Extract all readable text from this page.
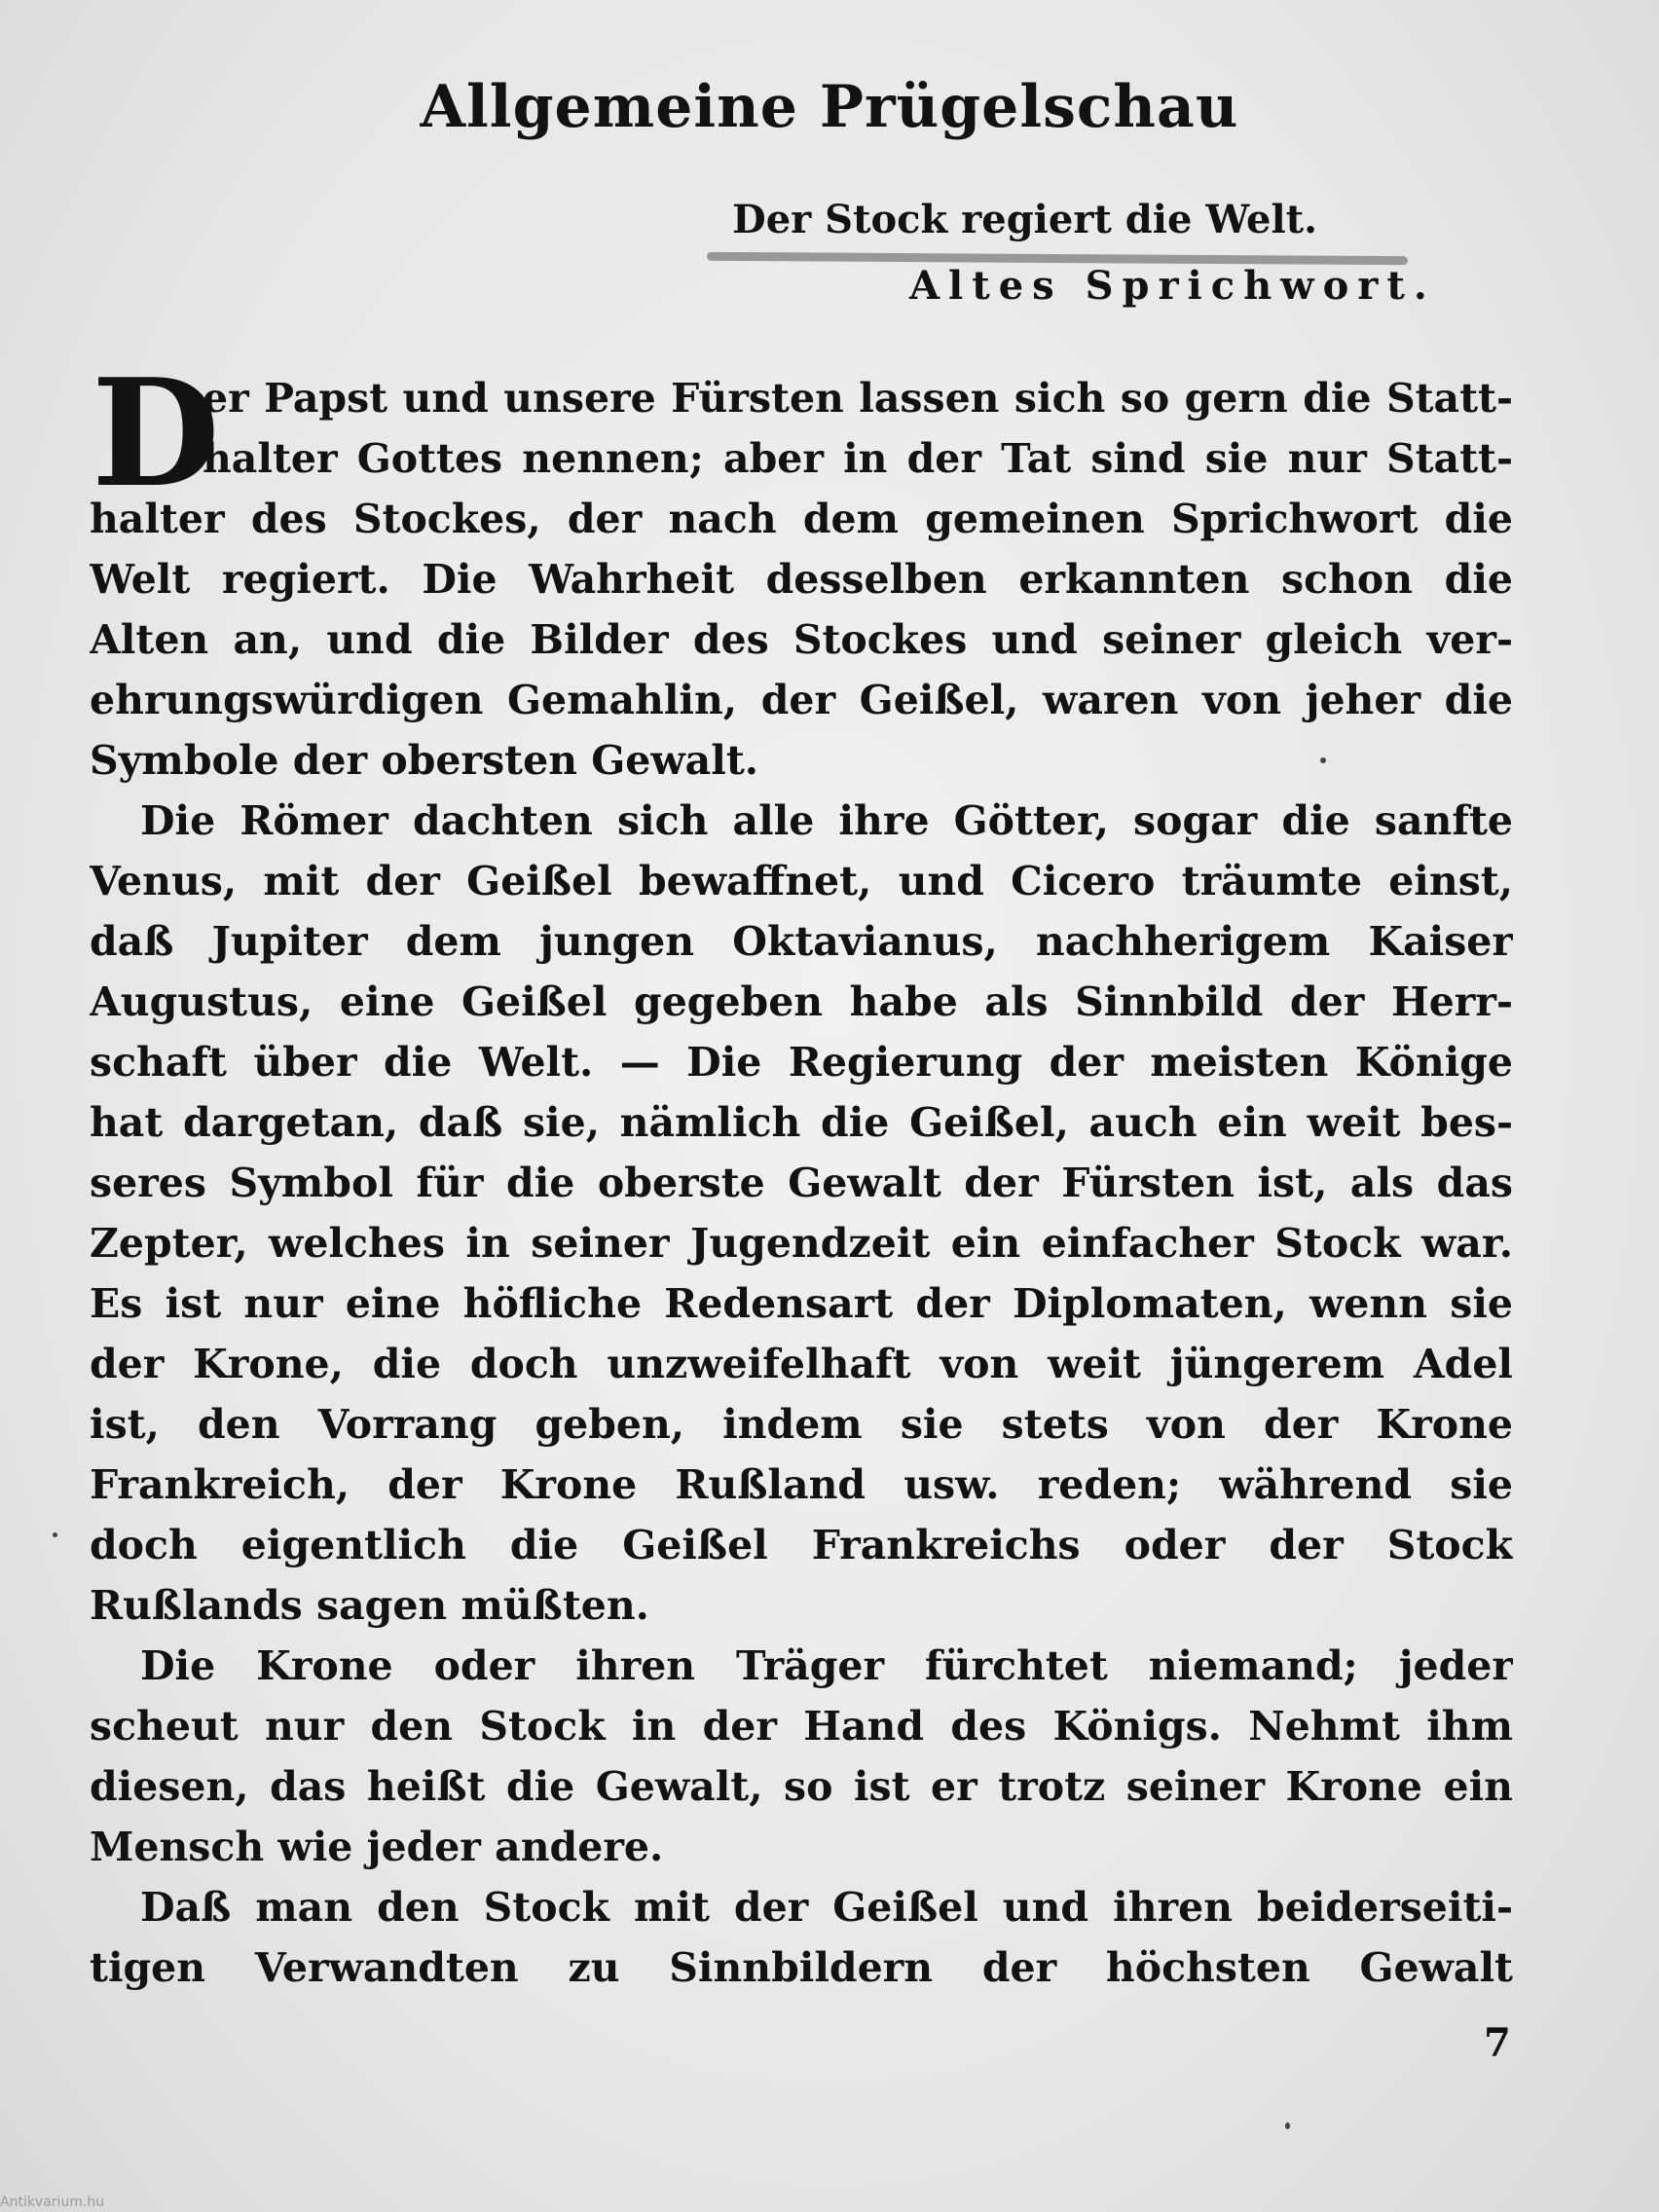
Allgemeine Prügelschau
Der Stock regiert die Welt.
Altes Sprichwort.
D
er Papst und unsere Fürsten lassen sich so gern die Statt-
halter Gottes nennen; aber in der Tat sind sie nur Statt-
halter des Stockes, der nach dem gemeinen Sprichwort die
Welt regiert. Die Wahrheit desselben erkannten schon die
Alten an, und die Bilder des Stockes und seiner gleich ver-
ehrungswürdigen Gemahlin, der Geißel, waren von jeher die
Symbole der obersten Gewalt.
Die Römer dachten sich alle ihre Götter, sogar die sanfte
Venus, mit der Geißel bewaffnet, und Cicero träumte einst,
daß Jupiter dem jungen Oktavianus, nachherigem Kaiser
Augustus, eine Geißel gegeben habe als Sinnbild der Herr-
schaft über die Welt. — Die Regierung der meisten Könige
hat dargetan, daß sie, nämlich die Geißel, auch ein weit bes-
seres Symbol für die oberste Gewalt der Fürsten ist, als das
Zepter, welches in seiner Jugendzeit ein einfacher Stock war.
Es ist nur eine höfliche Redensart der Diplomaten, wenn sie
der Krone, die doch unzweifelhaft von weit jüngerem Adel
ist, den Vorrang geben, indem sie stets von der Krone
Frankreich, der Krone Rußland usw. reden; während sie
doch eigentlich die Geißel Frankreichs oder der Stock
Rußlands sagen müßten.
Die Krone oder ihren Träger fürchtet niemand; jeder
scheut nur den Stock in der Hand des Königs. Nehmt ihm
diesen, das heißt die Gewalt, so ist er trotz seiner Krone ein
Mensch wie jeder andere.
Daß man den Stock mit der Geißel und ihren beiderseiti-
tigen Verwandten zu Sinnbildern der höchsten Gewalt
7
Antikvarium.hu
